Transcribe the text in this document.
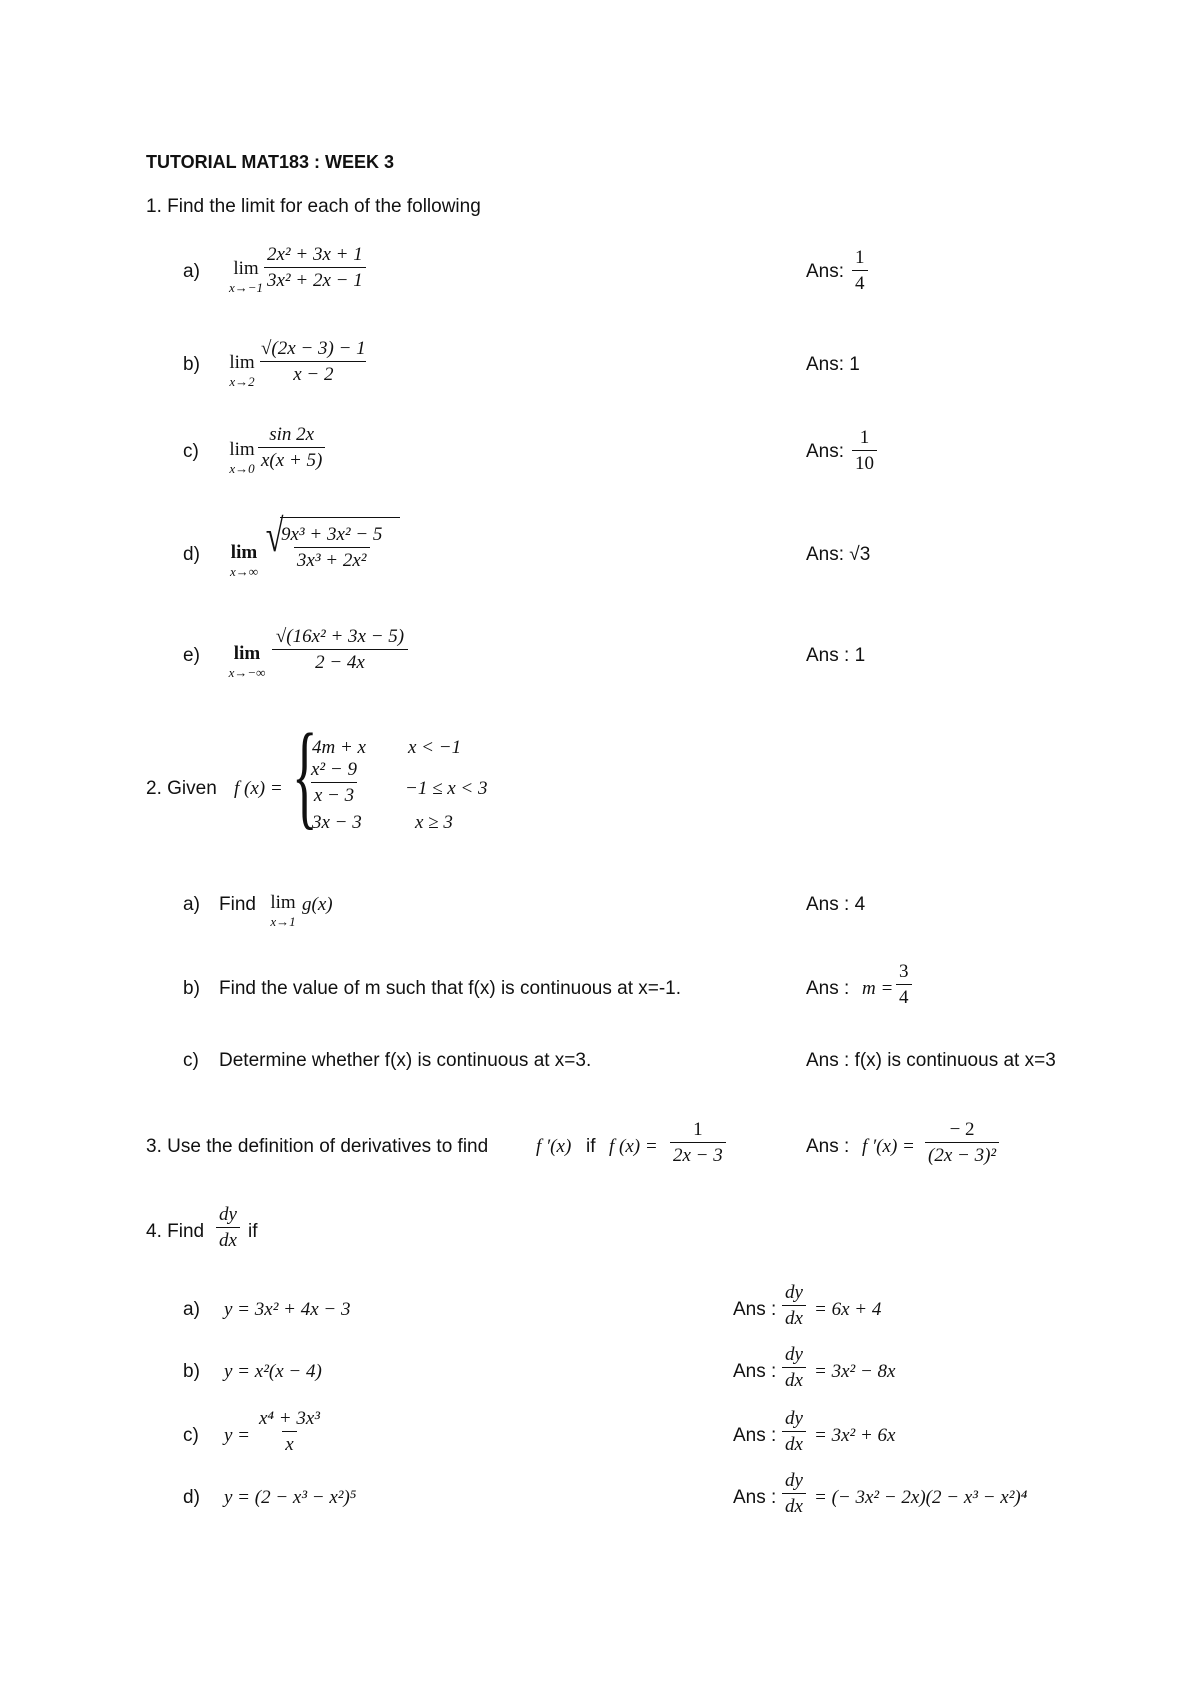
TUTORIAL MAT183 : WEEK 3
1. Find the limit for each of the following
a)	lim
$x\to-1 \frac{\text{2x² + 3x + 1}}{\text{3x² + 2x − 1}}$	Ans: $\frac{1}{4}$
b)	lim
$x\to 2 \frac{√(2x - 3) - 1}{x - 2}$	Ans: 1
c)	lim
$x\to 0 \frac{\sin 2x}{x(x + 5)}$	Ans: $\frac{1}{10}$
d)	lim
x→∞
√
$\frac{\text{9x³ + 3x² − 5}}{\text{3x³ + 2x²}}$	Ans: √3
e)	lim
x→−∞
$\frac{\text{√(16x² + 3x − 5)}}{2 - 4x}$	Ans : 1
2. Given f (x) = {
4m + x x < −1
$\frac{\text{x² − 9}}{x - 3} -1 \le x < 3$
3x − 3	x ≥ 3
a) Find lim
x→1
g(x)	Ans : 4
b) Find the value of m such that f(x) is continuous at x=-1.	Ans : $m = \frac{3}{4}$
c) Determine whether f(x) is continuous at x=3.	Ans : f(x) is continuous at x=3
3. Use the definition of derivatives to find	f ′(x) if f $(x) = \frac{1}{2x - 3}$	Ans : f $'(x) = \frac{- 2}{\text{(2x − 3)²}}$
4. Find $\frac{dy}{dx}$ if
a) y = 3x² + 4x − 3	Ans : $\frac{dy}{dx} = 6x + 4$
b) y = x²(x − 4)	Ans : $\frac{dy}{dx} = 3x^2 - 8x$
c) $y = \frac{\text{x⁴ + 3x³}}{x}$	Ans : $\frac{dy}{dx} = 3x^2 + 6x$
d) y = (2 − x³ − x²)⁵	Ans : $\frac{dy}{dx}$ = (− 3x² − 2x)(2 − x³ − x²)⁴
